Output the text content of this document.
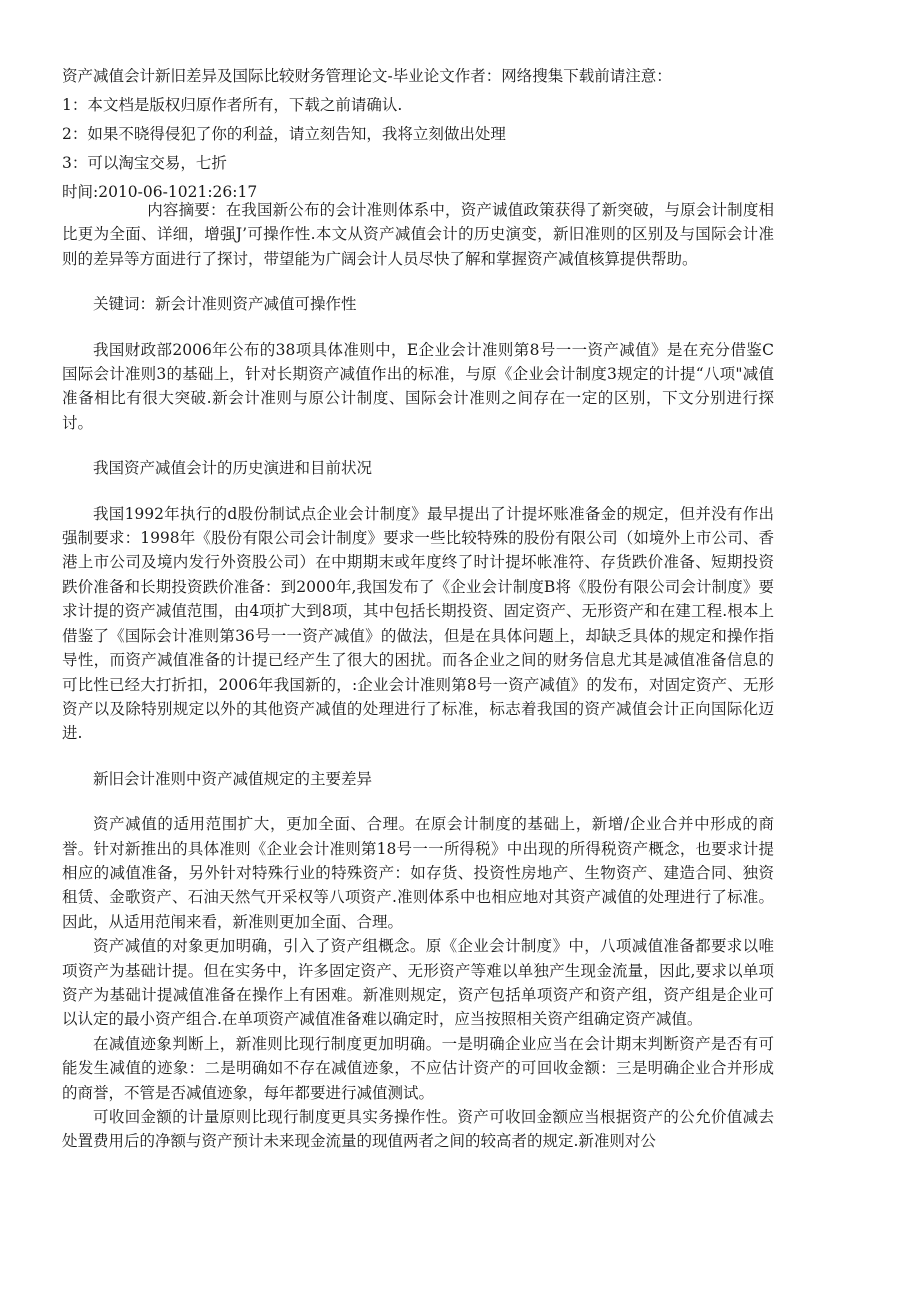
资产减值会计新旧差异及国际比较财务管理论文-毕业论文作者：网络搜集下载前请注意：

1：本文档是版权归原作者所有，下载之前请确认.

2：如果不晓得侵犯了你的利益，请立刻告知，我将立刻做出处理

3：可以淘宝交易，七折

时间:2010-06-1021:26:17

内容摘要：在我国新公布的会计准则体系中，资产诚值政策获得了新突破，与原会计制度相比更为全面、详细，增强J’可操作性.本文从资产减值会计的历史演变，新旧准则的区别及与国际会计准则的差异等方面进行了探讨，带望能为广阔会计人员尽快了解和掌握资产减值核算提供帮助。

关键词：新会计准则资产减值可操作性

我国财政部2006年公布的38项具体准则中，E企业会计准则第8号一一资产减值》是在充分借鉴C国际会计准则3的基础上，针对长期资产减值作出的标准，与原《企业会计制度3规定的计提“八项"减值准备相比有很大突破.新会计准则与原公计制度、国际会计准则之间存在一定的区别，下文分别进行探讨。

我国资产减值会计的历史演进和目前状况

我国1992年执行的d股份制试点企业会计制度》最早提出了计提坏账准备金的规定，但并没有作出强制要求：1998年《股份有限公司会计制度》要求一些比较特殊的股份有限公司（如境外上市公司、香港上市公司及境内发行外资股公司）在中期期末或年度终了时计提坏帐准符、存货跌价准备、短期投资跌价准备和长期投资跌价准备：到2000年,我国发布了《企业会计制度B将《股份有限公司会计制度》要求计提的资产减值范围，由4项扩大到8项，其中包括长期投资、固定资产、无形资产和在建工程.根本上借鉴了《国际会计准则第36号一一资产减值》的做法，但是在具体问题上，却缺乏具体的规定和操作指导性，而资产减值准备的计提已经产生了很大的困扰。而各企业之间的财务信息尤其是减值准备信息的可比性已经大打折扣，2006年我国新的，:企业会计准则第8号一资产减值》的发布，对固定资产、无形资产以及除特别规定以外的其他资产减值的处理进行了标准，标志着我国的资产减值会计正向国际化迈进.

新旧会计准则中资产减值规定的主要差异

资产减值的适用范围扩大，更加全面、合理。在原会计制度的基础上，新增/企业合并中形成的商誉。针对新推出的具体准则《企业会计准则第18号一一所得税》中出现的所得税资产概念，也要求计提相应的减值准备，另外针对特殊行业的特殊资产：如存货、投资性房地产、生物资产、建造合同、独资租赁、金歌资产、石油天然气开采权等八项资产.准则体系中也相应地对其资产减值的处理进行了标准。因此，从适用范闱来看，新准则更加全面、合理。

资产减值的对象更加明确，引入了资产组概念。原《企业会计制度》中，八项减值准备都要求以唯项资产为基础计提。但在实务中，许多固定资产、无形资产等难以单独产生现金流量，因此,要求以单项资产为基础计提减值准备在操作上有困难。新准则规定，资产包括单项资产和资产组，资产组是企业可以认定的最小资产组合.在单项资产减值准备难以确定时，应当按照相关资产组确定资产减值。

在减值迹象判断上，新准则比现行制度更加明确。一是明确企业应当在会计期末判断资产是否有可能发生减值的迹象：二是明确如不存在减值迹象，不应估计资产的可回收金额：三是明确企业合并形成的商誉，不管是否减值迹象，每年都要进行减值测试。

可收回金额的计量原则比现行制度更具实务操作性。资产可收回金额应当根据资产的公允价值减去处置费用后的净额与资产预计未来现金流量的现值两者之间的较高者的规定.新准则对公
